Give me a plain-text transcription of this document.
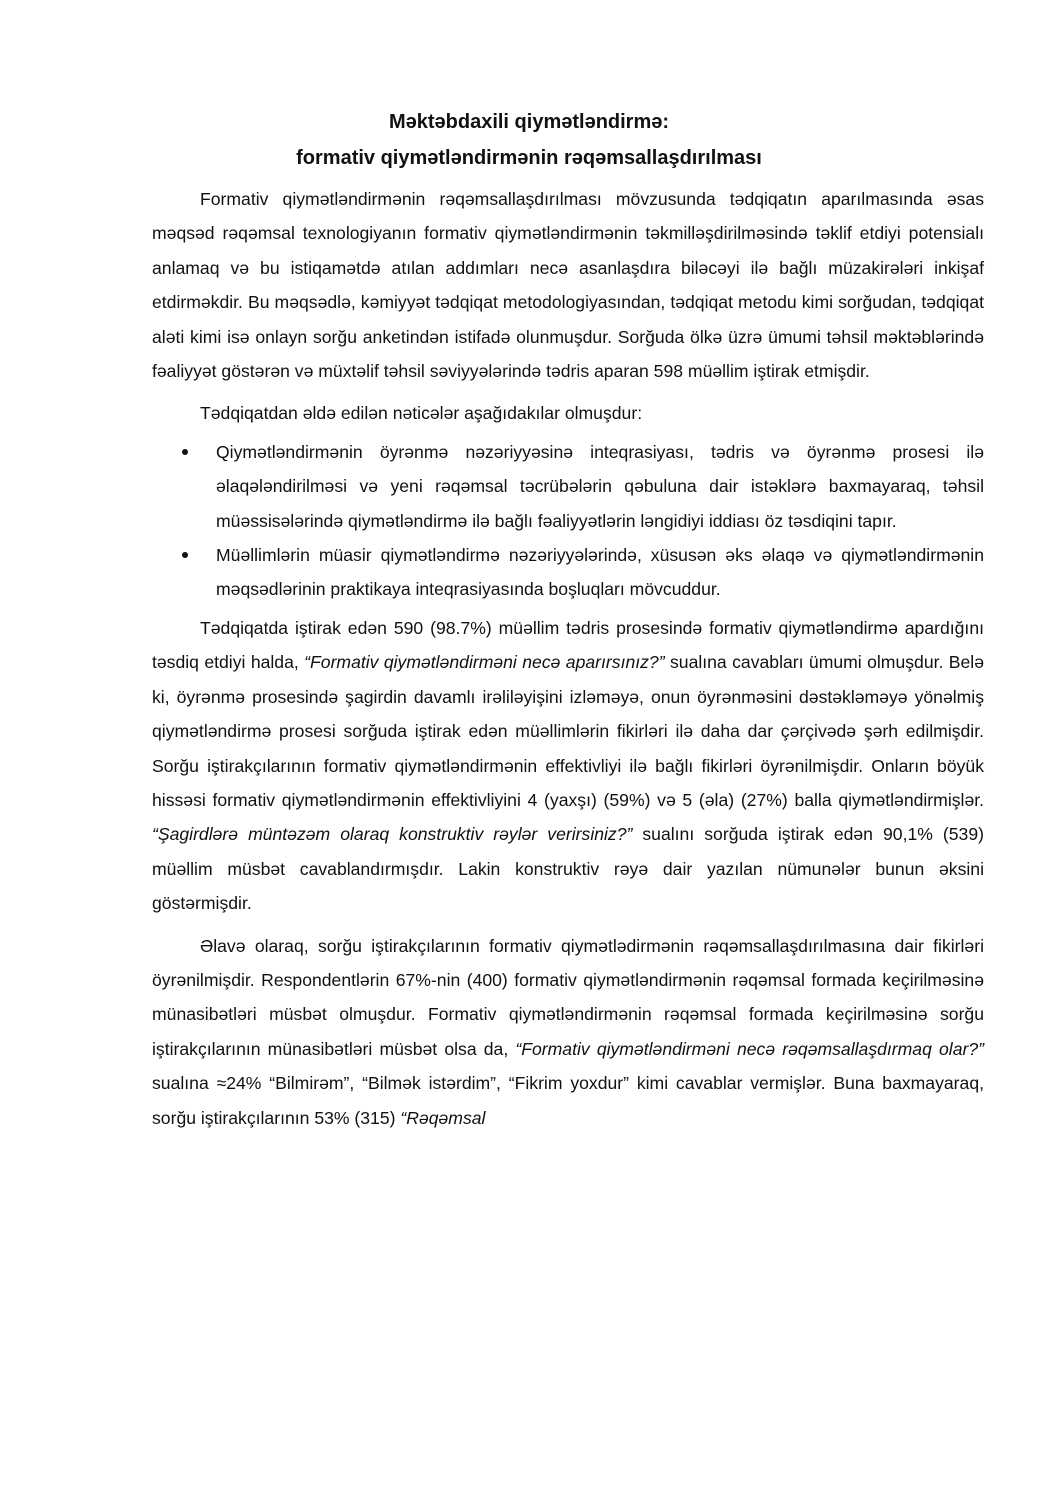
Məktəbdaxili qiymətləndirmə:
formativ qiymətləndirmənin rəqəmsallaşdırılması

Formativ qiymətləndirmənin rəqəmsallaşdırılması mövzusunda tədqiqatın aparılmasında əsas məqsəd rəqəmsal texnologiyanın formativ qiymətləndirmənin təkmilləşdirilməsində təklif etdiyi potensialı anlamaq və bu istiqamətdə atılan addımları necə asanlaşdıra biləcəyi ilə bağlı müzakirələri inkişaf etdirməkdir. Bu məqsədlə, kəmiyyət tədqiqat metodologiyasından, tədqiqat metodu kimi sorğudan, tədqiqat aləti kimi isə onlayn sorğu anketindən istifadə olunmuşdur. Sorğuda ölkə üzrə ümumi təhsil məktəblərində fəaliyyət göstərən və müxtəlif təhsil səviyyələrində tədris aparan 598 müəllim iştirak etmişdir.

Tədqiqatdan əldə edilən nəticələr aşağıdakılar olmuşdur:

Qiymətləndirmənin öyrənmə nəzəriyyəsinə inteqrasiyası, tədris və öyrənmə prosesi ilə əlaqələndirilməsi və yeni rəqəmsal təcrübələrin qəbuluna dair istəklərə baxmayaraq, təhsil müəssisələrində qiymətləndirmə ilə bağlı fəaliyyətlərin ləngidiyi iddiası öz təsdiqini tapır.
Müəllimlərin müasir qiymətləndirmə nəzəriyyələrində, xüsusən əks əlaqə və qiymətləndirmənin məqsədlərinin praktikaya inteqrasiyasında boşluqları mövcuddur.

Tədqiqatda iştirak edən 590 (98.7%) müəllim tədris prosesində formativ qiymətləndirmə apardığını təsdiq etdiyi halda, “Formativ qiymətləndirməni necə aparırsınız?” sualına cavabları ümumi olmuşdur. Belə ki, öyrənmə prosesində şagirdin davamlı irəliləyişini izləməyə, onun öyrənməsini dəstəkləməyə yönəlmiş qiymətləndirmə prosesi sorğuda iştirak edən müəllimlərin fikirləri ilə daha dar çərçivədə şərh edilmişdir. Sorğu iştirakçılarının formativ qiymətləndirmənin effektivliyi ilə bağlı fikirləri öyrənilmişdir. Onların böyük hissəsi formativ qiymətləndirmənin effektivliyini 4 (yaxşı) (59%) və 5 (əla) (27%) balla qiymətləndirmişlər. “Şagirdlərə müntəzəm olaraq konstruktiv rəylər verirsiniz?” sualını sorğuda iştirak edən 90,1% (539) müəllim müsbət cavablandırmışdır. Lakin konstruktiv rəyə dair yazılan nümunələr bunun əksini göstərmişdir.

Əlavə olaraq, sorğu iştirakçılarının formativ qiymətlədirmənin rəqəmsallaşdırılmasına dair fikirləri öyrənilmişdir. Respondentlərin 67%-nin (400) formativ qiymətləndirmənin rəqəmsal formada keçirilməsinə münasibətləri müsbət olmuşdur. Formativ qiymətləndirmənin rəqəmsal formada keçirilməsinə sorğu iştirakçılarının münasibətləri müsbət olsa da, “Formativ qiymətləndirməni necə rəqəmsallaşdırmaq olar?” sualına ≈24% “Bilmirəm”, “Bilmək istərdim”, “Fikrim yoxdur” kimi cavablar vermişlər. Buna baxmayaraq, sorğu iştirakçılarının 53% (315) “Rəqəmsal
